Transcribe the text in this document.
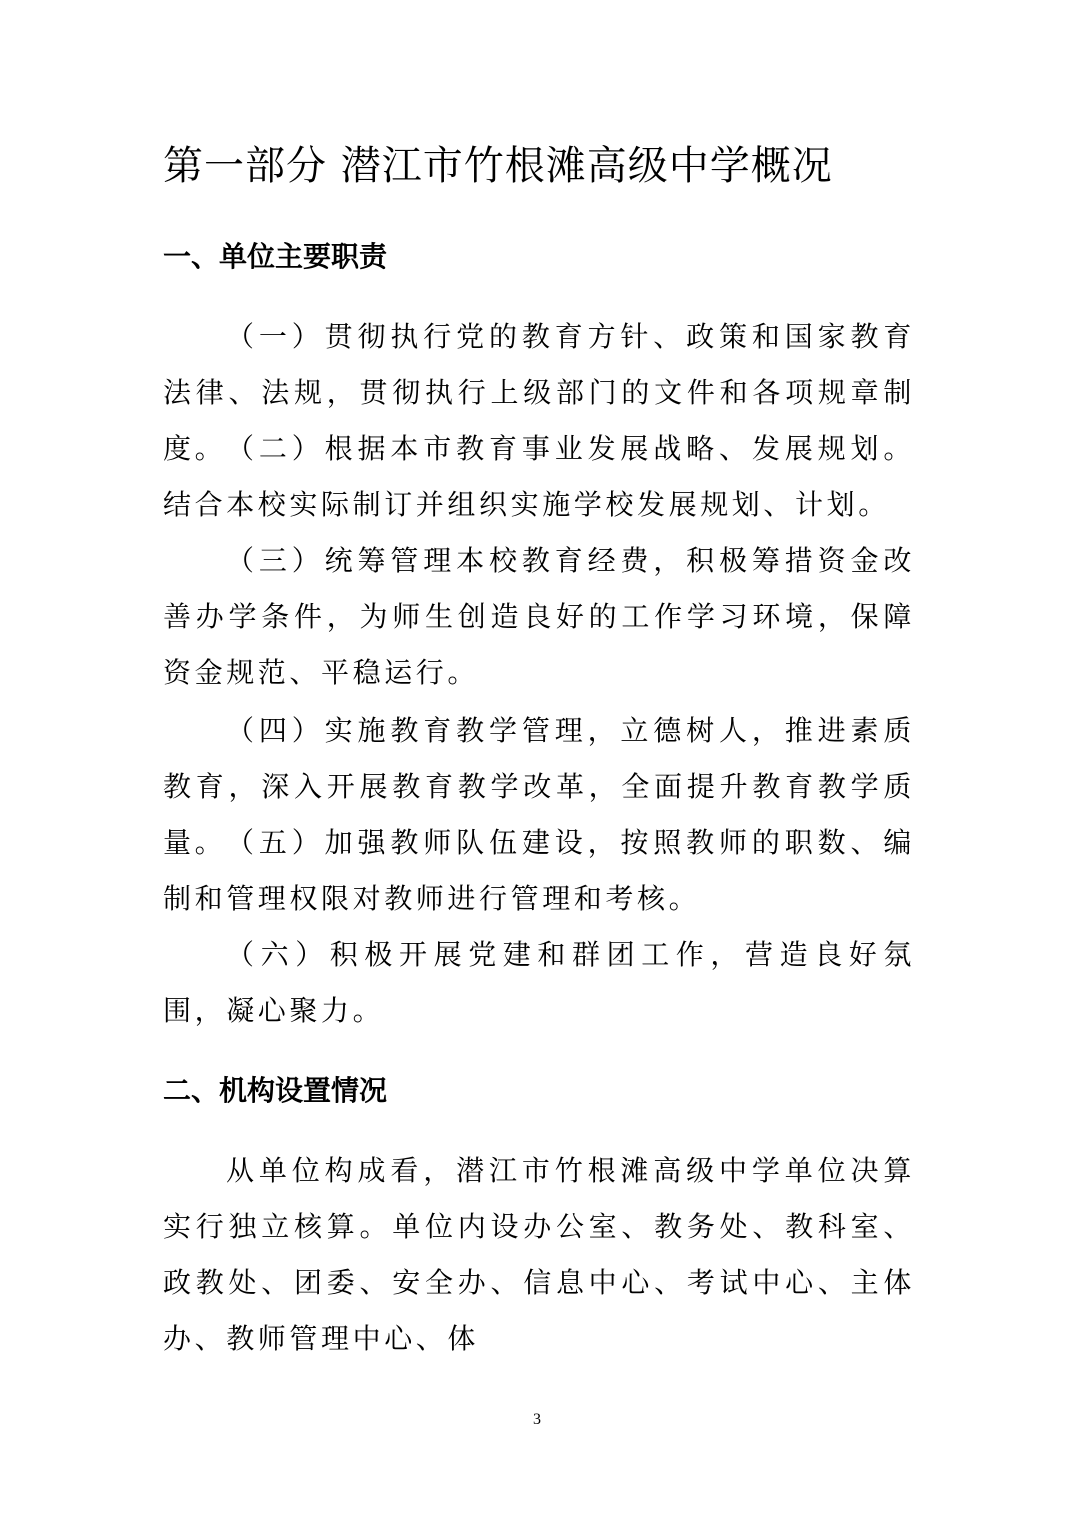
第一部分 潜江市竹根滩高级中学概况
一、单位主要职责

（一）贯彻执行党的教育方针、政策和国家教育法律、法规，贯彻执行上级部门的文件和各项规章制度。 （二）根据本市教育事业发展战略、发展规划。结合本校实际制订并组织实施学校发展规划、计划。

（三）统筹管理本校教育经费，积极筹措资金改善办学条件，为师生创造良好的工作学习环境，保障资金规范、平稳运行。

（四）实施教育教学管理，立德树人，推进素质教育，深入开展教育教学改革，全面提升教育教学质量。 （五）加强教师队伍建设，按照教师的职数、编制和管理权限对教师进行管理和考核。

（六）积极开展党建和群团工作，营造良好氛围，凝心聚力。

二、机构设置情况

从单位构成看，潜江市竹根滩高级中学单位决算实行独立核算。单位内设办公室、教务处、教科室、政教处、团委、安全办、信息中心、考试中心、主体办、教师管理中心、体

3
